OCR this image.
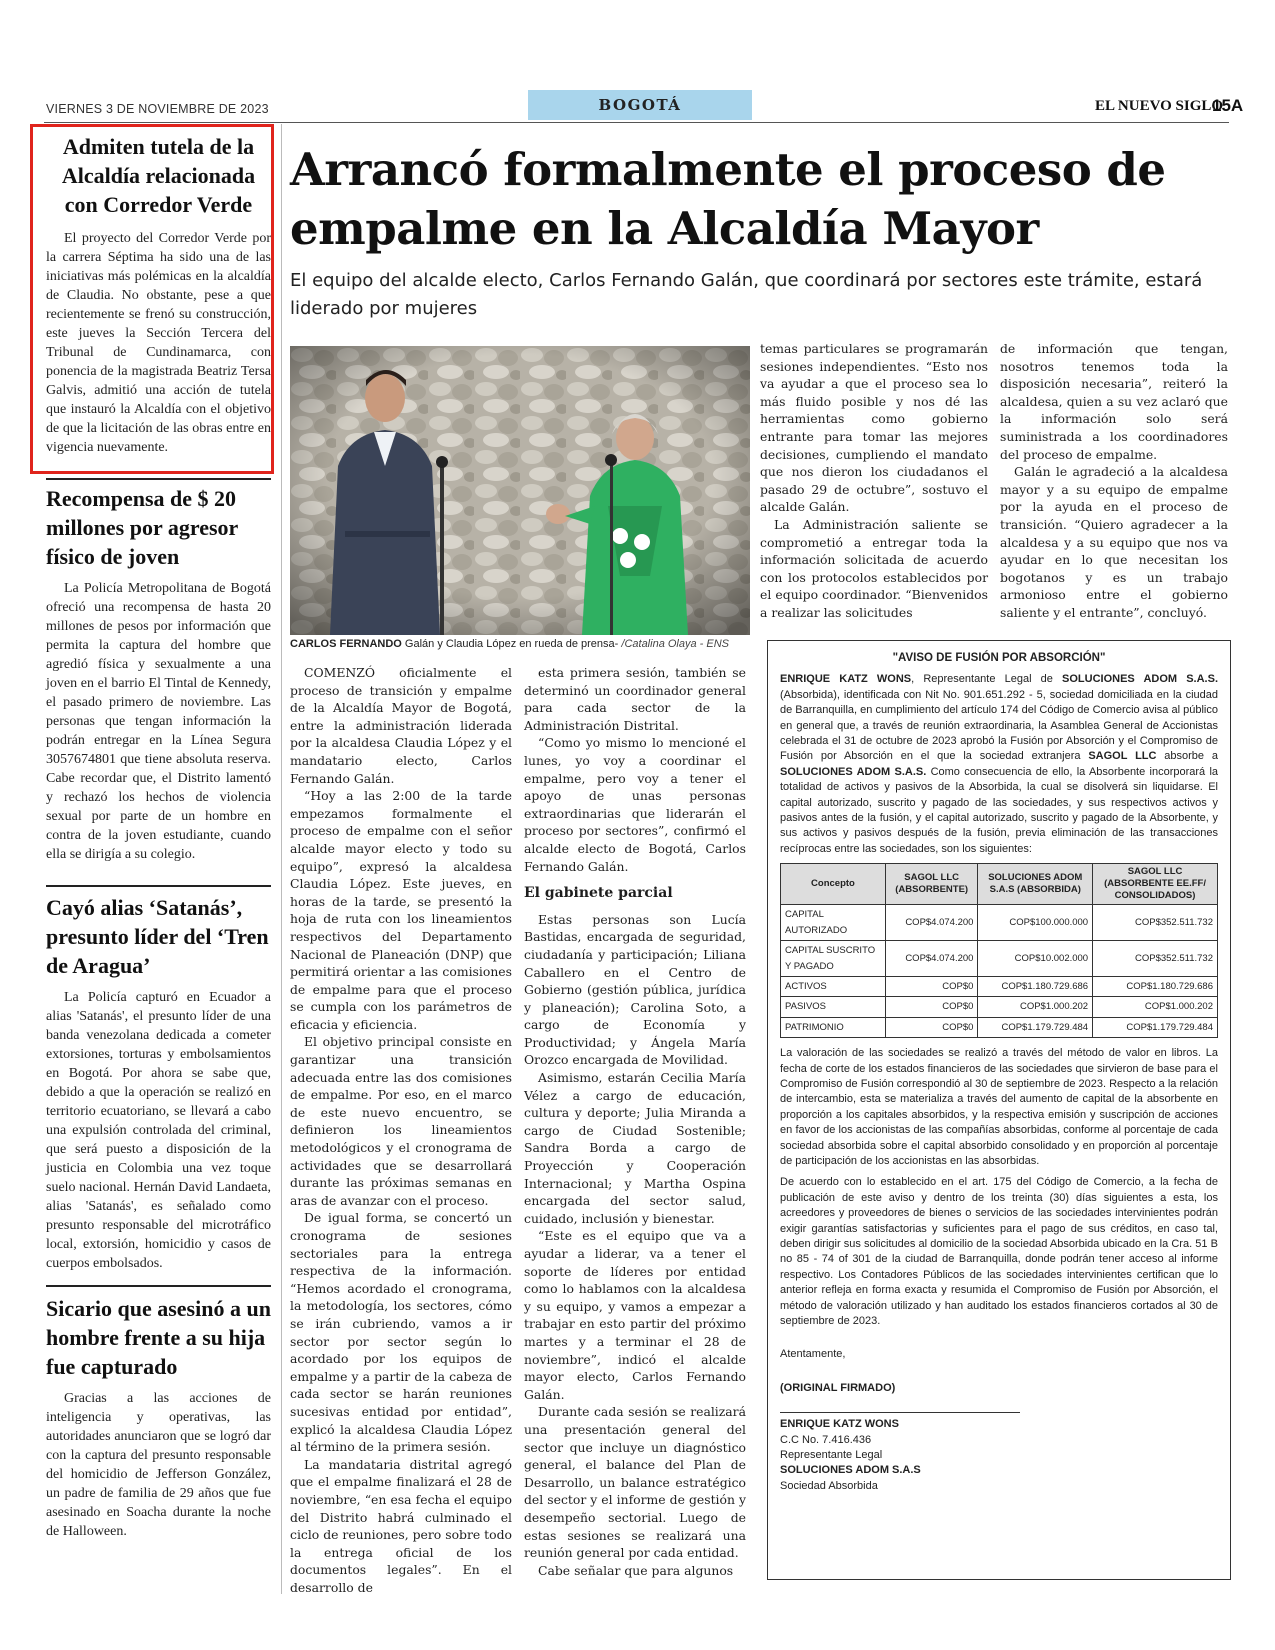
VIERNES 3 DE NOVIEMBRE DE 2023	BOGOTÁ	EL NUEVO SIGLO
15A
Admiten tutela de la Alcaldía relacionada con Corredor Verde
El proyecto del Corredor Verde por la carrera Séptima ha sido una de las iniciativas más polémicas en la alcaldía de Claudia. No obstante, pese a que recientemente se frenó su construcción, este jueves la Sección Tercera del Tribunal de Cundinamarca, con ponencia de la magistrada Beatriz Tersa Galvis, admitió una acción de tutela que instauró la Alcaldía con el objetivo de que la licitación de las obras entre en vigencia nuevamente.
Recompensa de $ 20 millones por agresor físico de joven
La Policía Metropolitana de Bogotá ofreció una recompensa de hasta 20 millones de pesos por información que permita la captura del hombre que agredió física y sexualmente a una joven en el barrio El Tintal de Kennedy, el pasado primero de noviembre. Las personas que tengan información la podrán entregar en la Línea Segura 3057674801 que tiene absoluta reserva. Cabe recordar que, el Distrito lamentó y rechazó los hechos de violencia sexual por parte de un hombre en contra de la joven estudiante, cuando ella se dirigía a su colegio.
Cayó alias ‘Satanás’, presunto líder del ‘Tren de Aragua’
La Policía capturó en Ecuador a alias 'Satanás', el presunto líder de una banda venezolana dedicada a cometer extorsiones, torturas y embolsamientos en Bogotá. Por ahora se sabe que, debido a que la operación se realizó en territorio ecuatoriano, se llevará a cabo una expulsión controlada del criminal, que será puesto a disposición de la justicia en Colombia una vez toque suelo nacional. Hernán David Landaeta, alias 'Satanás', es señalado como presunto responsable del microtráfico local, extorsión, homicidio y casos de cuerpos embolsados.
Sicario que asesinó a un hombre frente a su hija fue capturado
Gracias a las acciones de inteligencia y operativas, las autoridades anunciaron que se logró dar con la captura del presunto responsable del homicidio de Jefferson González, un padre de familia de 29 años que fue asesinado en Soacha durante la noche de Halloween.
Arrancó formalmente el proceso de empalme en la Alcaldía Mayor
El equipo del alcalde electo, Carlos Fernando Galán, que coordinará por sectores este trámite, estará liderado por mujeres
CARLOS FERNANDO Galán y Claudia López en rueda de prensa- /Catalina Olaya - ENS

COMENZÓ oficialmente el proceso de transición y empalme de la Alcaldía Mayor de Bogotá, entre la administración liderada por la alcaldesa Claudia López y el mandatario electo, Carlos Fernando Galán.

“Hoy a las 2:00 de la tarde empezamos formalmente el proceso de empalme con el señor alcalde mayor electo y todo su equipo”, expresó la alcaldesa Claudia López. Este jueves, en horas de la tarde, se presentó la hoja de ruta con los lineamientos respectivos del Departamento Nacional de Planeación (DNP) que permitirá orientar a las comisiones de empalme para que el proceso se cumpla con los parámetros de eficacia y eficiencia.

El objetivo principal consiste en garantizar una transición adecuada entre las dos comisiones de empalme. Por eso, en el marco de este nuevo encuentro, se definieron los lineamientos metodológicos y el cronograma de actividades que se desarrollará durante las próximas semanas en aras de avanzar con el proceso.

De igual forma, se concertó un cronograma de sesiones sectoriales para la entrega respectiva de la información. “Hemos acordado el cronograma, la metodología, los sectores, cómo se irán cubriendo, vamos a ir sector por sector según lo acordado por los equipos de empalme y a partir de la cabeza de cada sector se harán reuniones sucesivas entidad por entidad”, explicó la alcaldesa Claudia López al término de la primera sesión.

La mandataria distrital agregó que el empalme finalizará el 28 de noviembre, “en esa fecha el equipo del Distrito habrá culminado el ciclo de reuniones, pero sobre todo la entrega oficial de los documentos legales”. En el desarrollo de

esta primera sesión, también se determinó un coordinador general para cada sector de la Administración Distrital.

“Como yo mismo lo mencioné el lunes, yo voy a coordinar el empalme, pero voy a tener el apoyo de unas personas extraordinarias que liderarán el proceso por sectores”, confirmó el alcalde electo de Bogotá, Carlos Fernando Galán.

El gabinete parcial

Estas personas son Lucía Bastidas, encargada de seguridad, ciudadanía y participación; Liliana Caballero en el Centro de Gobierno (gestión pública, jurídica y planeación); Carolina Soto, a cargo de Economía y Productividad; y Ángela María Orozco encargada de Movilidad.

Asimismo, estarán Cecilia María Vélez a cargo de educación, cultura y deporte; Julia Miranda a cargo de Ciudad Sostenible; Sandra Borda a cargo de Proyección y Cooperación Internacional; y Martha Ospina encargada del sector salud, cuidado, inclusión y bienestar.

“Este es el equipo que va a ayudar a liderar, va a tener el soporte de líderes por entidad como lo hablamos con la alcaldesa y su equipo, y vamos a empezar a trabajar en esto partir del próximo martes y a terminar el 28 de noviembre”, indicó el alcalde mayor electo, Carlos Fernando Galán.

Durante cada sesión se realizará una presentación general del sector que incluye un diagnóstico general, el balance del Plan de Desarrollo, un balance estratégico del sector y el informe de gestión y desempeño sectorial. Luego de estas sesiones se realizará una reunión general por cada entidad.

Cabe señalar que para algunos

temas particulares se programarán sesiones independientes. “Esto nos va ayudar a que el proceso sea lo más fluido posible y nos dé las herramientas como gobierno entrante para tomar las mejores decisiones, cumpliendo el mandato que nos dieron los ciudadanos el pasado 29 de octubre”, sostuvo el alcalde Galán.

La Administración saliente se comprometió a entregar toda la información solicitada de acuerdo con los protocolos establecidos por el equipo coordinador. “Bienvenidos a realizar las solicitudes

de información que tengan, nosotros tenemos toda la disposición necesaria”, reiteró la alcaldesa, quien a su vez aclaró que la información solo será suministrada a los coordinadores del proceso de empalme.

Galán le agradeció a la alcaldesa mayor y a su equipo de empalme por la ayuda en el proceso de transición. “Quiero agradecer a la alcaldesa y a su equipo que nos va ayudar en lo que necesitan los bogotanos y es un trabajo armonioso entre el gobierno saliente y el entrante”, concluyó.

"AVISO DE FUSIÓN POR ABSORCIÓN"

ENRIQUE KATZ WONS, Representante Legal de SOLUCIONES ADOM S.A.S. (Absorbida), identificada con Nit No. 901.651.292 - 5, sociedad domiciliada en la ciudad de Barranquilla, en cumplimiento del artículo 174 del Código de Comercio avisa al público en general que, a través de reunión extraordinaria, la Asamblea General de Accionistas celebrada el 31 de octubre de 2023 aprobó la Fusión por Absorción y el Compromiso de Fusión por Absorción en el que la sociedad extranjera SAGOL LLC absorbe a SOLUCIONES ADOM S.A.S. Como consecuencia de ello, la Absorbente incorporará la totalidad de activos y pasivos de la Absorbida, la cual se disolverá sin liquidarse. El capital autorizado, suscrito y pagado de las sociedades, y sus respectivos activos y pasivos antes de la fusión, y el capital autorizado, suscrito y pagado de la Absorbente, y sus activos y pasivos después de la fusión, previa eliminación de las transacciones recíprocas entre las sociedades, son los siguientes:

Concepto	SAGOL LLC (ABSORBENTE)	SOLUCIONES ADOM S.A.S (ABSORBIDA)	SAGOL LLC (ABSORBENTE EE.FF/ CONSOLIDADOS)
CAPITAL AUTORIZADO	COP$4.074.200	COP$100.000.000	COP$352.511.732
CAPITAL SUSCRITO Y PAGADO	COP$4.074.200	COP$10.002.000	COP$352.511.732
ACTIVOS	COP$0	COP$1.180.729.686	COP$1.180.729.686
PASIVOS	COP$0	COP$1.000.202	COP$1.000.202
PATRIMONIO	COP$0	COP$1.179.729.484	COP$1.179.729.484

La valoración de las sociedades se realizó a través del método de valor en libros. La fecha de corte de los estados financieros de las sociedades que sirvieron de base para el Compromiso de Fusión correspondió al 30 de septiembre de 2023. Respecto a la relación de intercambio, esta se materializa a través del aumento de capital de la absorbente en proporción a los capitales absorbidos, y la respectiva emisión y suscripción de acciones en favor de los accionistas de las compañías absorbidas, conforme al porcentaje de cada sociedad absorbida sobre el capital absorbido consolidado y en proporción al porcentaje de participación de los accionistas en las absorbidas.

De acuerdo con lo establecido en el art. 175 del Código de Comercio, a la fecha de publicación de este aviso y dentro de los treinta (30) días siguientes a esta, los acreedores y proveedores de bienes o servicios de las sociedades intervinientes podrán exigir garantías satisfactorias y suficientes para el pago de sus créditos, en caso tal, deben dirigir sus solicitudes al domicilio de la sociedad Absorbida ubicado en la Cra. 51 B no 85 - 74 of 301 de la ciudad de Barranquilla, donde podrán tener acceso al informe respectivo. Los Contadores Públicos de las sociedades intervinientes certifican que lo anterior refleja en forma exacta y resumida el Compromiso de Fusión por Absorción, el método de valoración utilizado y han auditado los estados financieros cortados al 30 de septiembre de 2023.

Atentamente,
(ORIGINAL FIRMADO)
ENRIQUE KATZ WONS
C.C No. 7.416.436
Representante Legal
SOLUCIONES ADOM S.A.S
Sociedad Absorbida
